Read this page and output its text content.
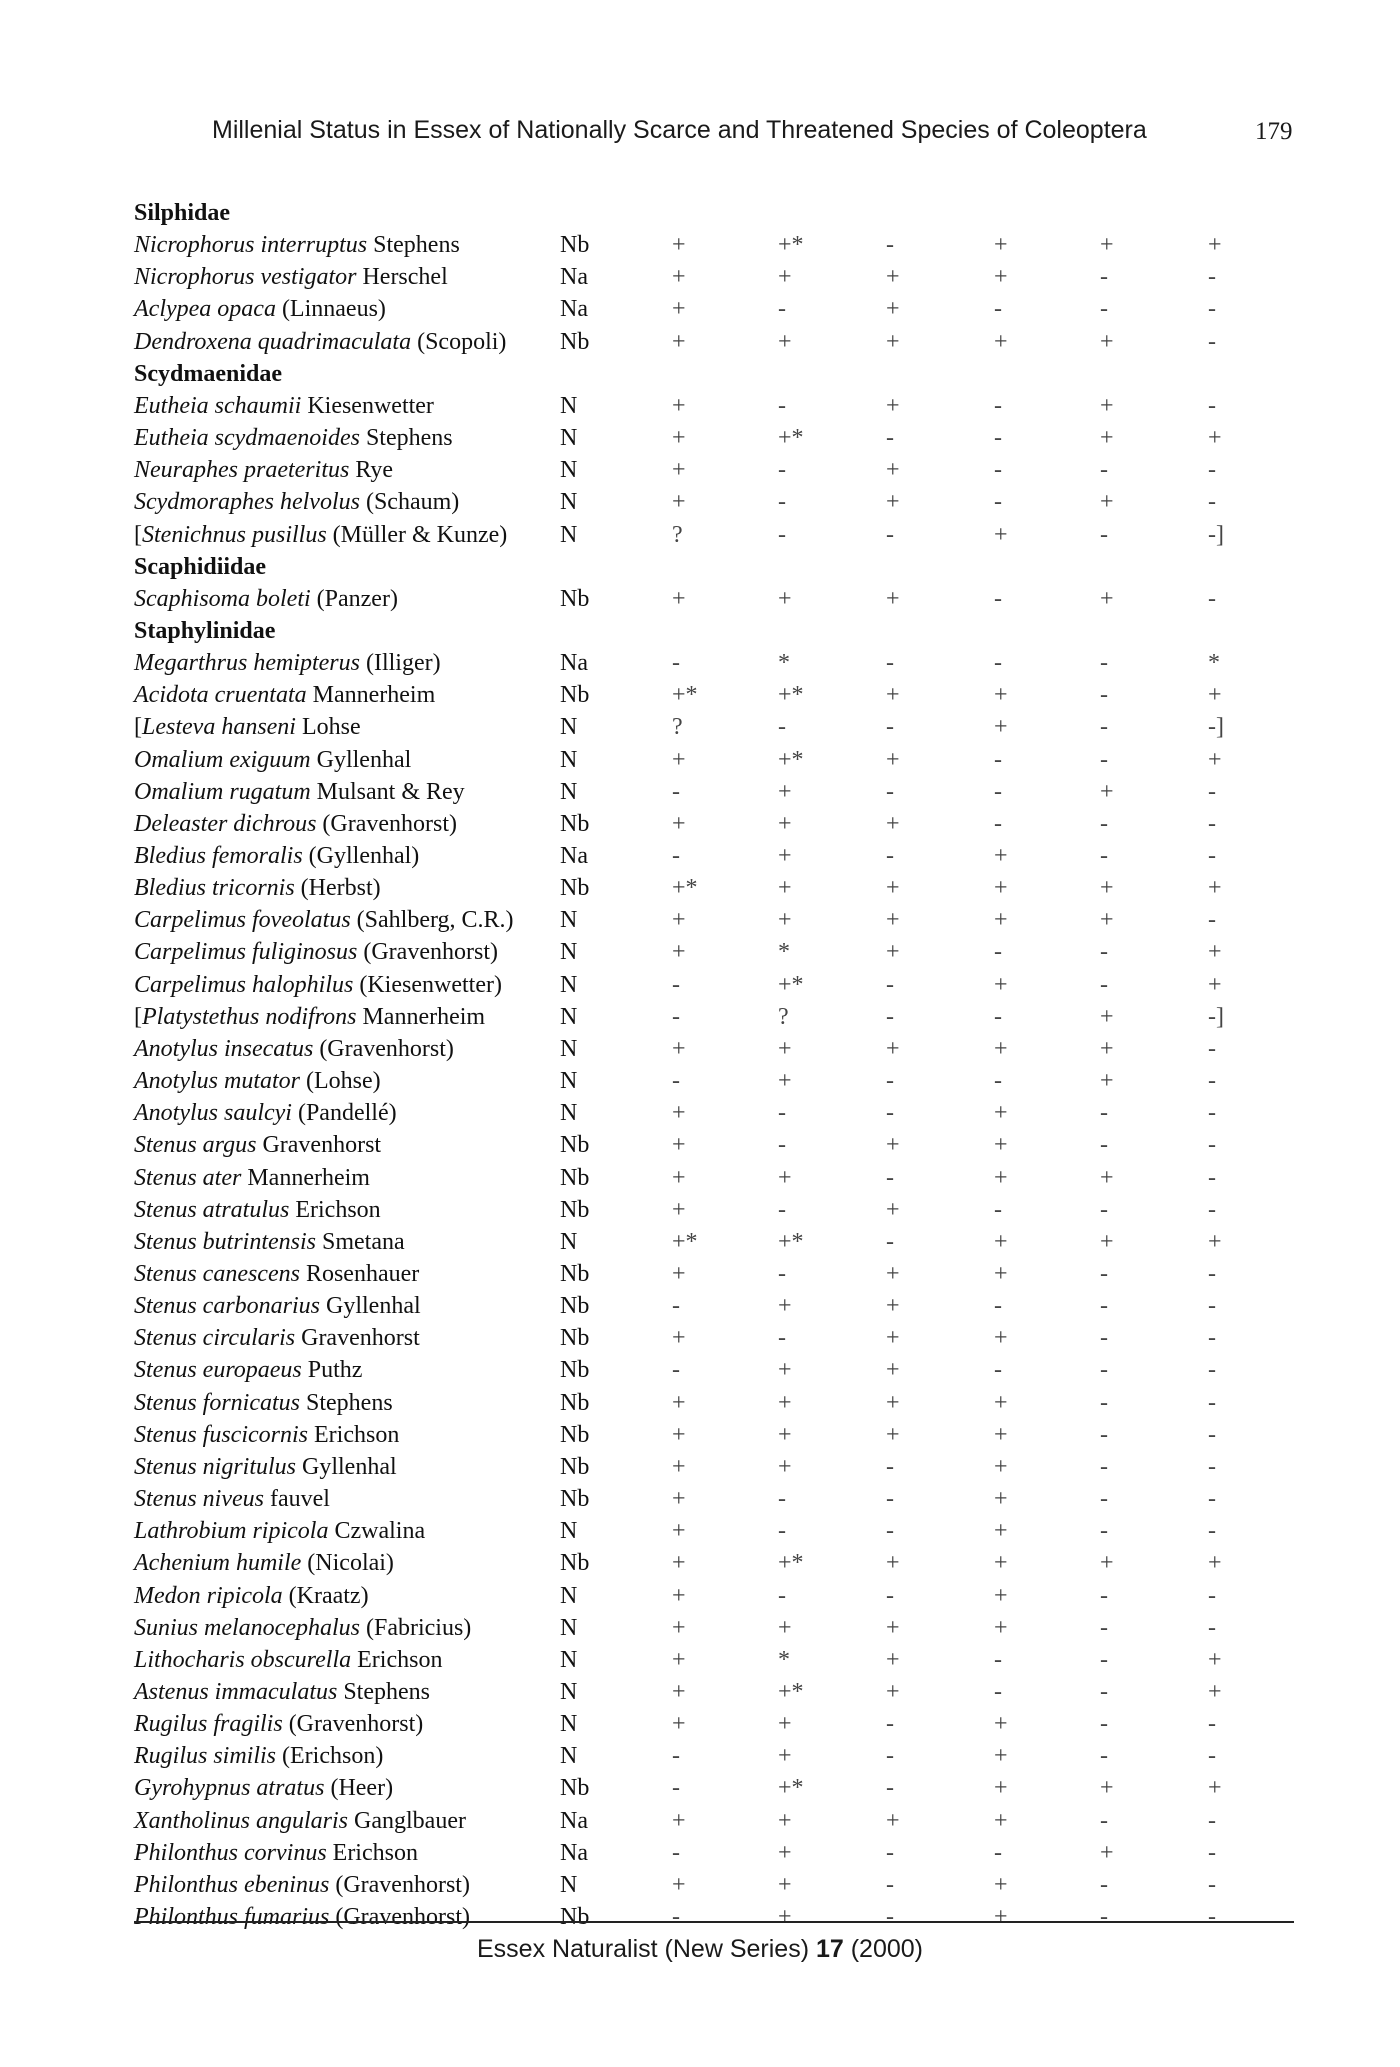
Millenial Status in Essex of Nationally Scarce and Threatened Species of Coleoptera	179
Silphidae
Nicrophorus interruptus Stephens	Nb	+	+*	-	+	+	+
Nicrophorus vestigator Herschel	Na	+	+	+	+	-	-
Aclypea opaca (Linnaeus)	Na	+	-	+	-	-	-
Dendroxena quadrimaculata (Scopoli) Nb	+	+	+	+	+	-
Scydmaenidae
Eutheia schaumii Kiesenwetter	N	+	-	+	-	+	-
Eutheia scydmaenoides Stephens	N	+	+*	-	-	+	+
Neuraphes praeteritus Rye	N	+	-	+	-	-	-
Scydmoraphes helvolus (Schaum)	N	+	-	+	-	+	-
[Stenichnus pusillus (Müller & Kunze) N	?	-	-	+	-	-]
Scaphidiidae
Scaphisoma boleti (Panzer)	Nb	+	+	+	-	+	-
Staphylinidae
Megarthrus hemipterus (Illiger)	Na	-	*	-	-	-	*
Acidota cruentata Mannerheim	Nb	+*	+*	+	+	-	+
[Lesteva hanseni Lohse	N	?	-	-	+	-	-]
Omalium exiguum Gyllenhal	N	+	+*	+	-	-	+
Omalium rugatum Mulsant & Rey	N	-	+	-	-	+	-
Deleaster dichrous (Gravenhorst)	Nb	+	+	+	-	-	-
Bledius femoralis (Gyllenhal)	Na	-	+	-	+	-	-
Bledius tricornis (Herbst)	Nb	+*	+	+	+	+	+
Carpelimus foveolatus (Sahlberg, C.R.) N	+	+	+	+	+	-
Carpelimus fuliginosus (Gravenhorst)	N	+	*	+	-	-	+
Carpelimus halophilus (Kiesenwetter) N	-	+*	-	+	-	+
[Platystethus nodifrons Mannerheim	N	-	?	-	-	+	-]
Anotylus insecatus (Gravenhorst)	N	+	+	+	+	+	-
Anotylus mutator (Lohse)	N	-	+	-	-	+	-
Anotylus saulcyi (Pandellé)	N	+	-	-	+	-	-
Stenus argus Gravenhorst	Nb	+	-	+	+	-	-
Stenus ater Mannerheim	Nb	+	+	-	+	+	-
Stenus atratulus Erichson	Nb	+	-	+	-	-	-
Stenus butrintensis Smetana	N	+*	+*	-	+	+	+
Stenus canescens Rosenhauer	Nb	+	-	+	+	-	-
Stenus carbonarius Gyllenhal	Nb	-	+	+	-	-	-
Stenus circularis Gravenhorst	Nb	+	-	+	+	-	-
Stenus europaeus Puthz	Nb	-	+	+	-	-	-
Stenus fornicatus Stephens	Nb	+	+	+	+	-	-
Stenus fuscicornis Erichson	Nb	+	+	+	+	-	-
Stenus nigritulus Gyllenhal	Nb	+	+	-	+	-	-
Stenus niveus fauvel	Nb	+	-	-	+	-	-
Lathrobium ripicola Czwalina	N	+	-	-	+	-	-
Achenium humile (Nicolai)	Nb	+	+*	+	+	+	+
Medon ripicola (Kraatz)	N	+	-	-	+	-	-
Sunius melanocephalus (Fabricius)	N	+	+	+	+	-	-
Lithocharis obscurella Erichson	N	+	*	+	-	-	+
Astenus immaculatus Stephens	N	+	+*	+	-	-	+
Rugilus fragilis (Gravenhorst)	N	+	+	-	+	-	-
Rugilus similis (Erichson)	N	-	+	-	+	-	-
Gyrohypnus atratus (Heer)	Nb	-	+*	-	+	+	+
Xantholinus angularis Ganglbauer	Na	+	+	+	+	-	-
Philonthus corvinus Erichson	Na	-	+	-	-	+	-
Philonthus ebeninus (Gravenhorst)	N	+	+	-	+	-	-
Philonthus fumarius (Gravenhorst)	Nb	-	+	-	+	-	-
Essex Naturalist (New Series) 17 (2000)
